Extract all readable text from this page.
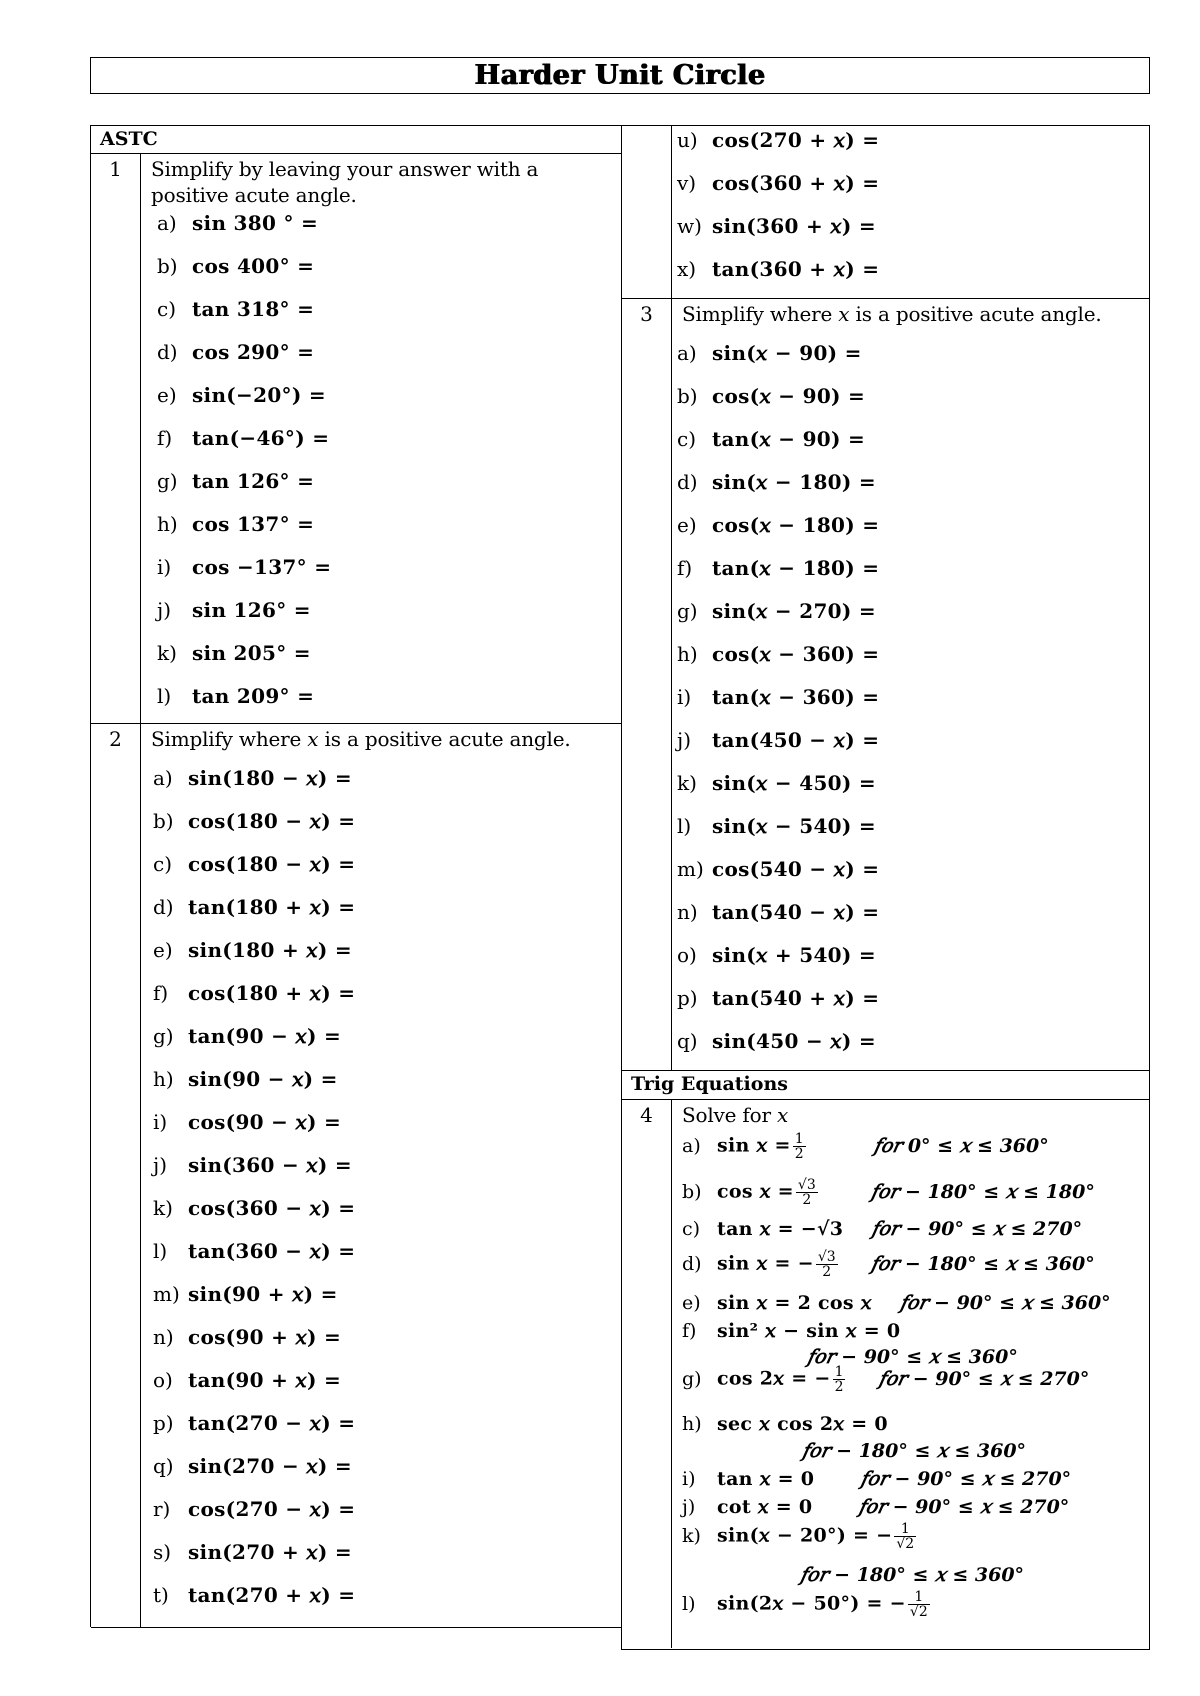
Harder Unit Circle
ASTC
1	Simplify by leaving your answer with a positive acute angle.
a) sin 380 ° =
b) cos 400° =
c) tan 318° =
d) cos 290° =
e) sin(−20°) =
f) tan(−46°) =
g) tan 126° =
h) cos 137° =
i) cos −137° =
j) sin 126° =
k) sin 205° =
l) tan 209° =
2	Simplify where 𝑥 is a positive acute angle.
a) sin(180 − 𝑥) =
b) cos(180 − 𝑥) =
c) cos(180 − 𝑥) =
d) tan(180 + 𝑥) =
e) sin(180 + 𝑥) =
f) cos(180 + 𝑥) =
g) tan(90 − 𝑥) =
h) sin(90 − 𝑥) =
i) cos(90 − 𝑥) =
j) sin(360 − 𝑥) =
k) cos(360 − 𝑥) =
l) tan(360 − 𝑥) =
m) sin(90 + 𝑥) =
n) cos(90 + 𝑥) =
o) tan(90 + 𝑥) =
p) tan(270 − 𝑥) =
q) sin(270 − 𝑥) =
r) cos(270 − 𝑥) =
s) sin(270 + 𝑥) =
t) tan(270 + 𝑥) =
u) cos(270 + 𝑥) =
v) cos(360 + 𝑥) =
w) sin(360 + 𝑥) =
x) tan(360 + 𝑥) =
3	Simplify where 𝑥 is a positive acute angle.
a) sin(𝑥 − 90) =
b) cos(𝑥 − 90) =
c) tan(𝑥 − 90) =
d) sin(𝑥 − 180) =
e) cos(𝑥 − 180) =
f) tan(𝑥 − 180) =
g) sin(𝑥 − 270) =
h) cos(𝑥 − 360) =
i) tan(𝑥 − 360) =
j) tan(450 − 𝑥) =
k) sin(𝑥 − 450) =
l) sin(𝑥 − 540) =
m) cos(540 − 𝑥) =
n) tan(540 − 𝑥) =
o) sin(𝑥 + 540) =
p) tan(540 + 𝑥) =
q) sin(450 − 𝑥) =
Trig Equations
4	Solve for 𝑥
a) sin 𝑥 = $\frac{1}{2}$	𝑓𝑜𝑟 0° ≤ 𝑥 ≤ 360°
b) cos 𝑥 = $\frac{√3}{2}$	𝑓𝑜𝑟 − 180° ≤ 𝑥 ≤ 180°
c) tan 𝑥 = −√3 𝑓𝑜𝑟 − 90° ≤ 𝑥 ≤ 270°
d) sin 𝑥 = − $\frac{√3}{2}$ 𝑓𝑜𝑟 − 180° ≤ 𝑥 ≤ 360°
e) sin 𝑥 = 2 cos 𝑥 𝑓𝑜𝑟 − 90° ≤ 𝑥 ≤ 360°
f) sin² 𝑥 − sin 𝑥 = 0
𝑓𝑜𝑟 − 90° ≤ 𝑥 ≤ 360°
g) cos 2𝑥 = − $\frac{1}{2}$ 𝑓𝑜𝑟 − 90° ≤ 𝑥 ≤ 270°
h) sec 𝑥 cos 2𝑥 = 0
𝑓𝑜𝑟 − 180° ≤ 𝑥 ≤ 360°
i) tan 𝑥 = 0 𝑓𝑜𝑟 − 90° ≤ 𝑥 ≤ 270°
j) cot 𝑥 = 0 𝑓𝑜𝑟 − 90° ≤ 𝑥 ≤ 270°
k) sin(𝑥 − 20°) = − $\frac{1}{√2}$
𝑓𝑜𝑟 − 180° ≤ 𝑥 ≤ 360°
l) sin(2𝑥 − 50°) = − $\frac{1}{√2}$
